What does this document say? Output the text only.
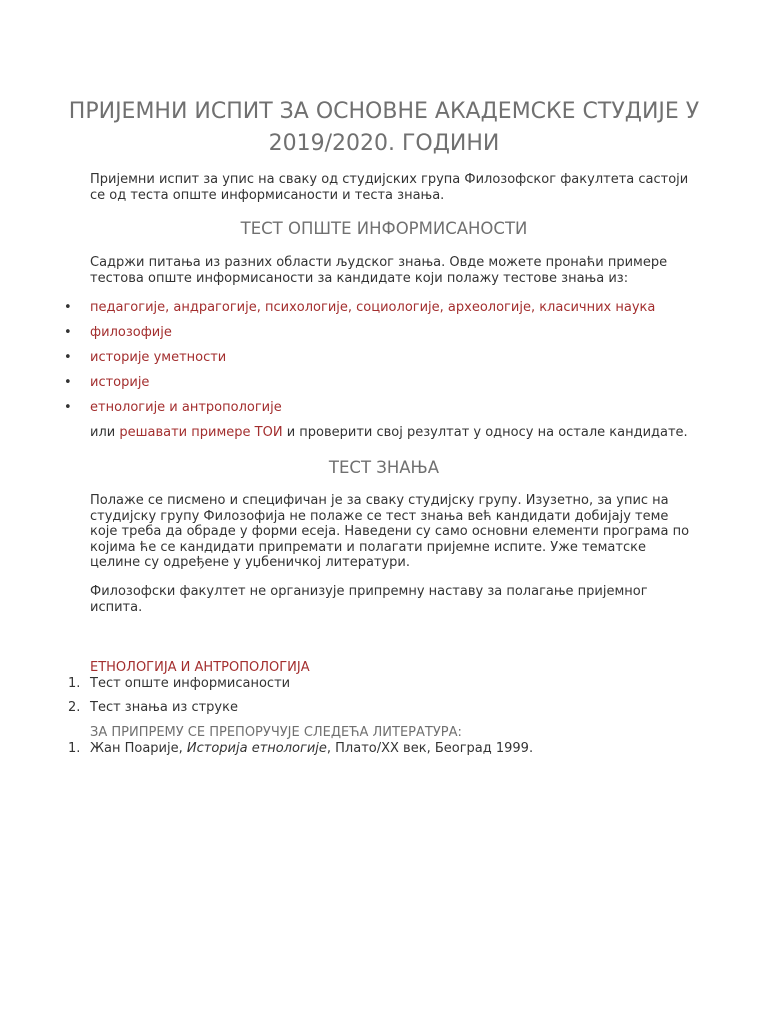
ПРИЈЕМНИ ИСПИТ ЗА ОСНОВНЕ АКАДЕМСКЕ СТУДИЈЕ У 2019/2020. ГОДИНИ

Пријемни испит за упис на сваку од студијских група Филозофског факултета састоји се од теста опште информисаности и теста знања.

ТЕСТ ОПШТЕ ИНФОРМИСАНОСТИ

Садржи питања из разних области људског знања. Овде можете пронаћи примере тестова опште информисаности за кандидате који полажу тестове знања из:

• педагогије, андрагогије, психологије, социологије, археологије, класичних наука
• филозофије
• историје уметности
• историје
• етнологије и антропологије

или решавати примере ТОИ и проверити свој резултат у односу на остале кандидате.

ТЕСТ ЗНАЊА

Полаже се писмено и специфичан је за сваку студијску групу. Изузетно, за упис на студијску групу Филозофија не полаже се тест знања већ кандидати добијају теме које треба да обраде у форми есеја. Наведени су само основни елементи програма по којима ће се кандидати припремати и полагати пријемне испите. Уже тематске целине су одређене у уџбеничкој литератури.

Филозофски факултет не организује припремну наставу за полагање пријемног испита.

ЕТНОЛОГИЈА И АНТРОПОЛОГИЈА
1. Тест опште информисаности
2. Тест знања из струке
ЗА ПРИПРЕМУ СЕ ПРЕПОРУЧУЈЕ СЛЕДЕЋА ЛИТЕРАТУРА:
1. Жан Поарије, Историја етнологије, Плато/XX век, Београд 1999.
